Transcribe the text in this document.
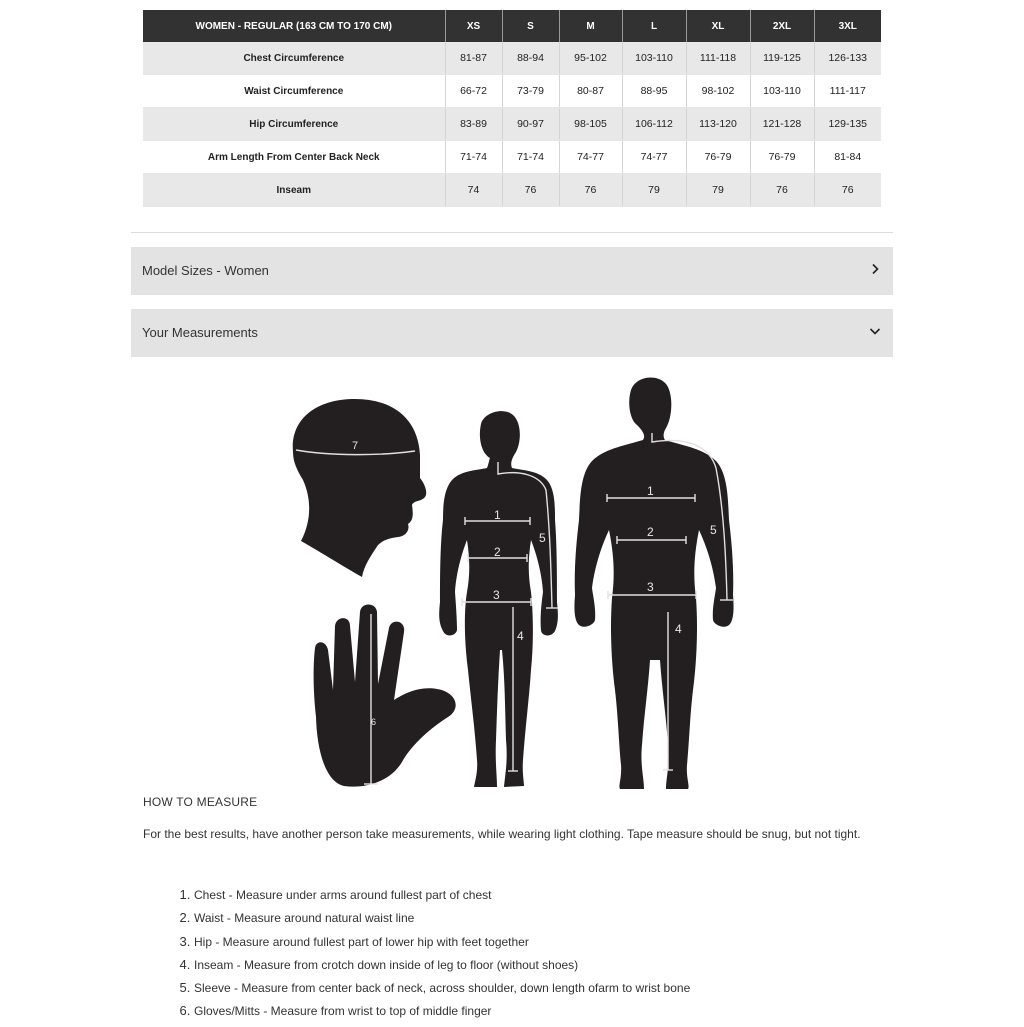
WOMEN - REGULAR (163 CM TO 170 CM)	XS	S	M	L	XL	2XL	3XL
Chest Circumference	81-87	88-94	95-102	103-110	111-118	119-125	126-133
Waist Circumference	66-72	73-79	80-87	88-95	98-102	103-110	111-117
Hip Circumference	83-89	90-97	98-105	106-112	113-120	121-128	129-135
Arm Length From Center Back Neck	71-74	71-74	74-77	74-77	76-79	76-79	81-84
Inseam	74	76	76	79	79	76	76
Model Sizes - Women
Your Measurements
7
6
1
2
3
4
5
1
2
3
4
5
HOW TO MEASURE
For the best results, have another person take measurements, while wearing light clothing. Tape measure should be snug, but not tight.
1. Chest - Measure under arms around fullest part of chest
2. Waist - Measure around natural waist line
3. Hip - Measure around fullest part of lower hip with feet together
4. Inseam - Measure from crotch down inside of leg to floor (without shoes)
5. Sleeve - Measure from center back of neck, across shoulder, down length ofarm to wrist bone
6. Gloves/Mitts - Measure from wrist to top of middle finger
